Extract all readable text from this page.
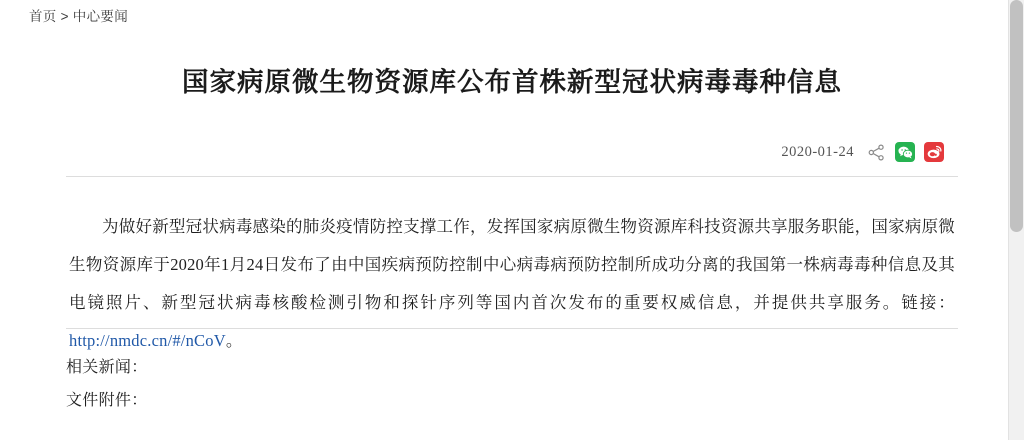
首页 > 中心要闻
国家病原微生物资源库公布首株新型冠状病毒毒种信息
2020-01-24

为做好新型冠状病毒感染的肺炎疫情防控支撑工作，发挥国家病原微生物资源库科技资源共享服务职能，国家病原微生物资源库于2020年1月24日发布了由中国疾病预防控制中心病毒病预防控制所成功分离的我国第一株病毒毒种信息及其电镜照片、新型冠状病毒核酸检测引物和探针序列等国内首次发布的重要权威信息，并提供共享服务。链接：http://nmdc.cn/#/nCoV。

相关新闻：
文件附件：
